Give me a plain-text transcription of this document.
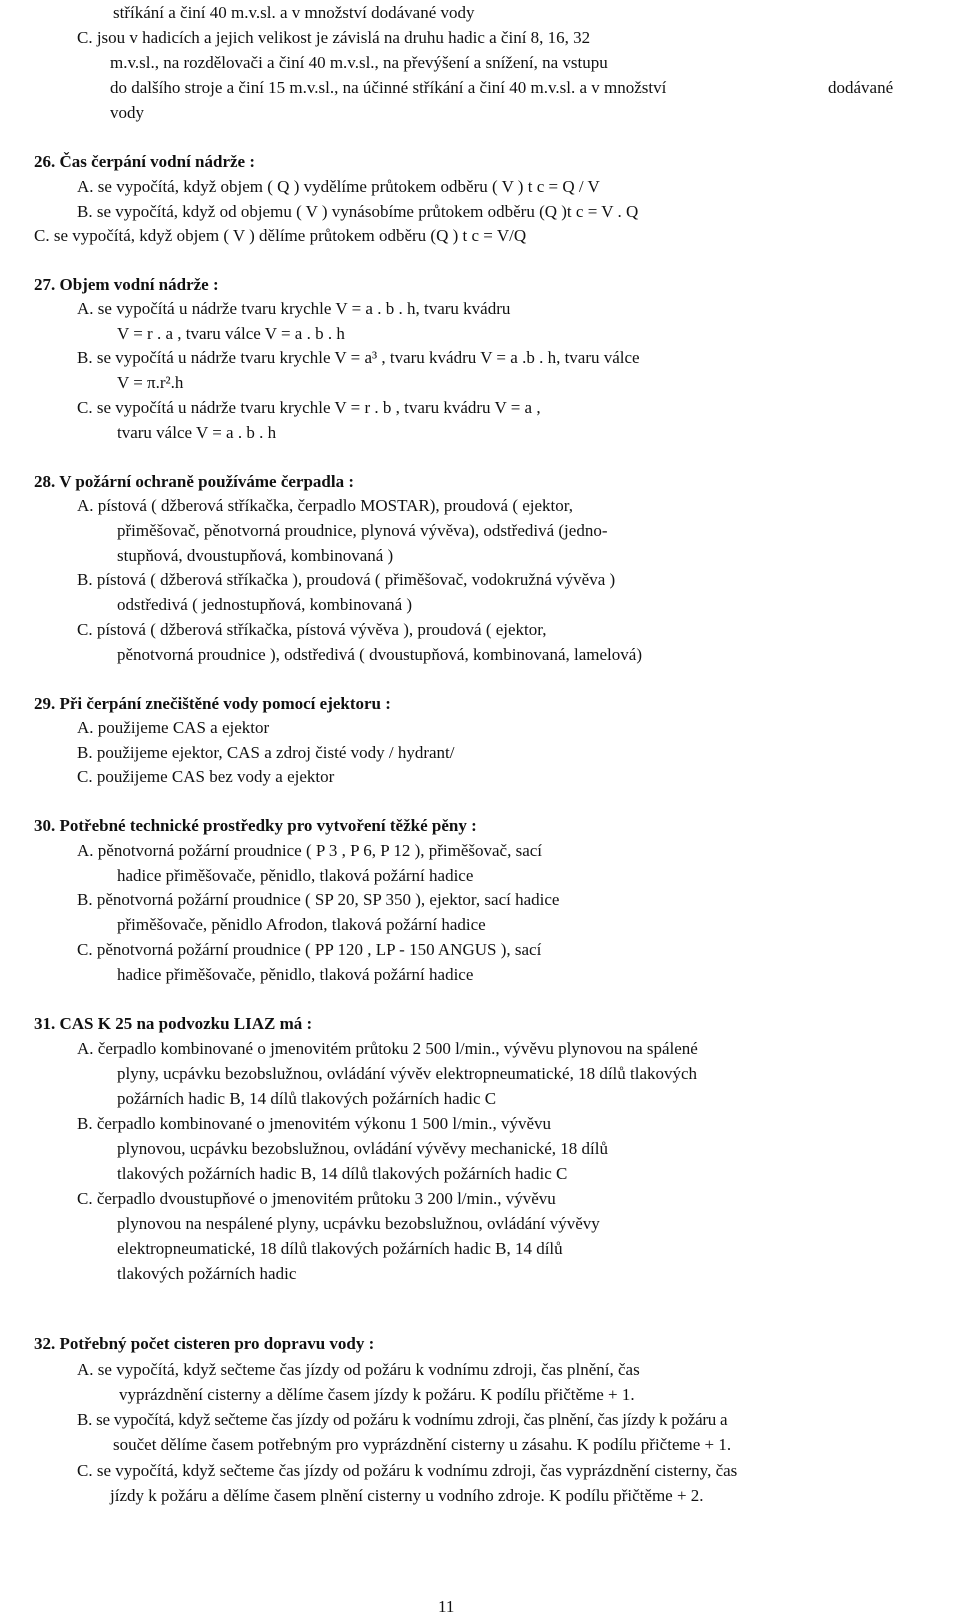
stříkání a činí 40 m.v.sl. a v množství dodávané vody
C. jsou v hadicích a jejich velikost je závislá na druhu hadic a činí 8, 16, 32
m.v.sl., na rozdělovači a činí 40 m.v.sl., na převýšení a snížení, na vstupu
do dalšího stroje a činí 15 m.v.sl., na účinné stříkání a činí 40 m.v.sl. a v množství	dodávané
vody
26. Čas čerpání vodní nádrže :
A. se vypočítá, když objem ( Q ) vydělíme průtokem odběru ( V ) t c = Q / V
B. se vypočítá, když od objemu ( V ) vynásobíme průtokem odběru (Q )t c = V . Q
C. se vypočítá, když objem ( V ) dělíme průtokem odběru (Q ) t c = V/Q
27. Objem vodní nádrže :
A. se vypočítá u nádrže tvaru krychle V = a . b . h, tvaru kvádru
V = r . a , tvaru válce V = a . b . h
B. se vypočítá u nádrže tvaru krychle V = a³ , tvaru kvádru V = a .b . h, tvaru válce
V = π.r².h
C. se vypočítá u nádrže tvaru krychle V = r . b , tvaru kvádru V = a ,
tvaru válce V = a . b . h
28. V požární ochraně používáme čerpadla :
A. pístová ( džberová stříkačka, čerpadlo MOSTAR), proudová ( ejektor,
přiměšovač, pěnotvorná proudnice, plynová vývěva), odstředivá (jedno-
stupňová, dvoustupňová, kombinovaná )
B. pístová ( džberová stříkačka ), proudová ( přiměšovač, vodokružná vývěva )
odstředivá ( jednostupňová, kombinovaná )
C. pístová ( džberová stříkačka, pístová vývěva ), proudová ( ejektor,
pěnotvorná proudnice ), odstředivá ( dvoustupňová, kombinovaná, lamelová)
29. Při čerpání znečištěné vody pomocí ejektoru :
A. použijeme CAS a ejektor
B. použijeme ejektor, CAS a zdroj čisté vody / hydrant/
C. použijeme CAS bez vody a ejektor
30. Potřebné technické prostředky pro vytvoření těžké pěny :
A. pěnotvorná požární proudnice ( P 3 , P 6, P 12 ), přiměšovač, sací
hadice přiměšovače, pěnidlo, tlaková požární hadice
B. pěnotvorná požární proudnice ( SP 20, SP 350 ), ejektor, sací hadice
přiměšovače, pěnidlo Afrodon, tlaková požární hadice
C. pěnotvorná požární proudnice ( PP 120 , LP - 150 ANGUS ), sací
hadice přiměšovače, pěnidlo, tlaková požární hadice
31. CAS K 25 na podvozku LIAZ má :
A. čerpadlo kombinované o jmenovitém průtoku 2 500 l/min., vývěvu plynovou na spálené
plyny, ucpávku bezobslužnou, ovládání vývěv elektropneumatické, 18 dílů tlakových
požárních hadic B, 14 dílů tlakových požárních hadic C
B. čerpadlo kombinované o jmenovitém výkonu 1 500 l/min., vývěvu
plynovou, ucpávku bezobslužnou, ovládání vývěvy mechanické, 18 dílů
tlakových požárních hadic B, 14 dílů tlakových požárních hadic C
C. čerpadlo dvoustupňové o jmenovitém průtoku 3 200 l/min., vývěvu
plynovou na nespálené plyny, ucpávku bezobslužnou, ovládání vývěvy
elektropneumatické, 18 dílů tlakových požárních hadic B, 14 dílů
tlakových požárních hadic
32. Potřebný počet cisteren pro dopravu vody :
A. se vypočítá, když sečteme čas jízdy od požáru k vodnímu zdroji, čas plnění, čas
vyprázdnění cisterny a dělíme časem jízdy k požáru. K podílu přičtěme + 1.
B. se vypočítá, když sečteme čas jízdy od požáru k vodnímu zdroji, čas plnění, čas jízdy k požáru a
součet dělíme časem potřebným pro vyprázdnění cisterny u zásahu. K podílu přičteme + 1.
C. se vypočítá, když sečteme čas jízdy od požáru k vodnímu zdroji, čas vyprázdnění cisterny, čas
jízdy k požáru a dělíme časem plnění cisterny u vodního zdroje. K podílu přičtěme + 2.
11
